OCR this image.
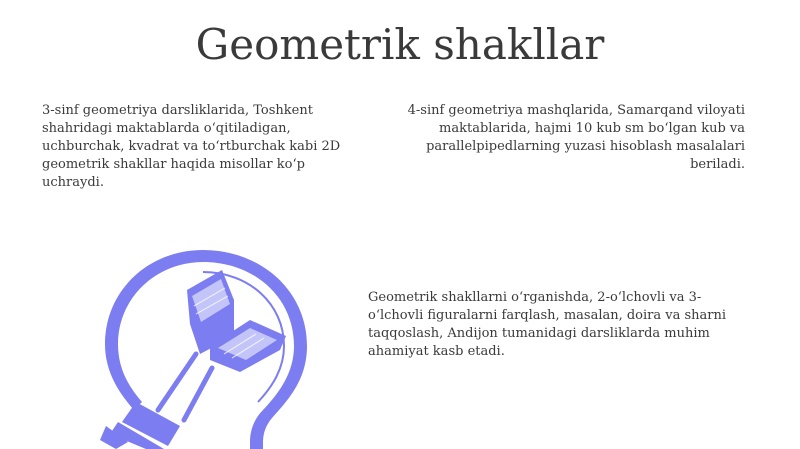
Geometrik shakllar

3-sinf geometriya darsliklarida, Toshkent shahridagi maktablarda o‘qitiladigan, uchburchak, kvadrat va to‘rtburchak kabi 2D geometrik shakllar haqida misollar ko‘p uchraydi.

4-sinf geometriya mashqlarida, Samarqand viloyati maktablarida, hajmi 10 kub sm bo‘lgan kub va parallelpipedlarning yuzasi hisoblash masalalari beriladi.

Geometrik shakllarni o‘rganishda, 2-o‘lchovli va 3-o‘lchovli figuralarni farqlash, masalan, doira va sharni taqqoslash, Andijon tumanidagi darsliklarda muhim ahamiyat kasb etadi.
